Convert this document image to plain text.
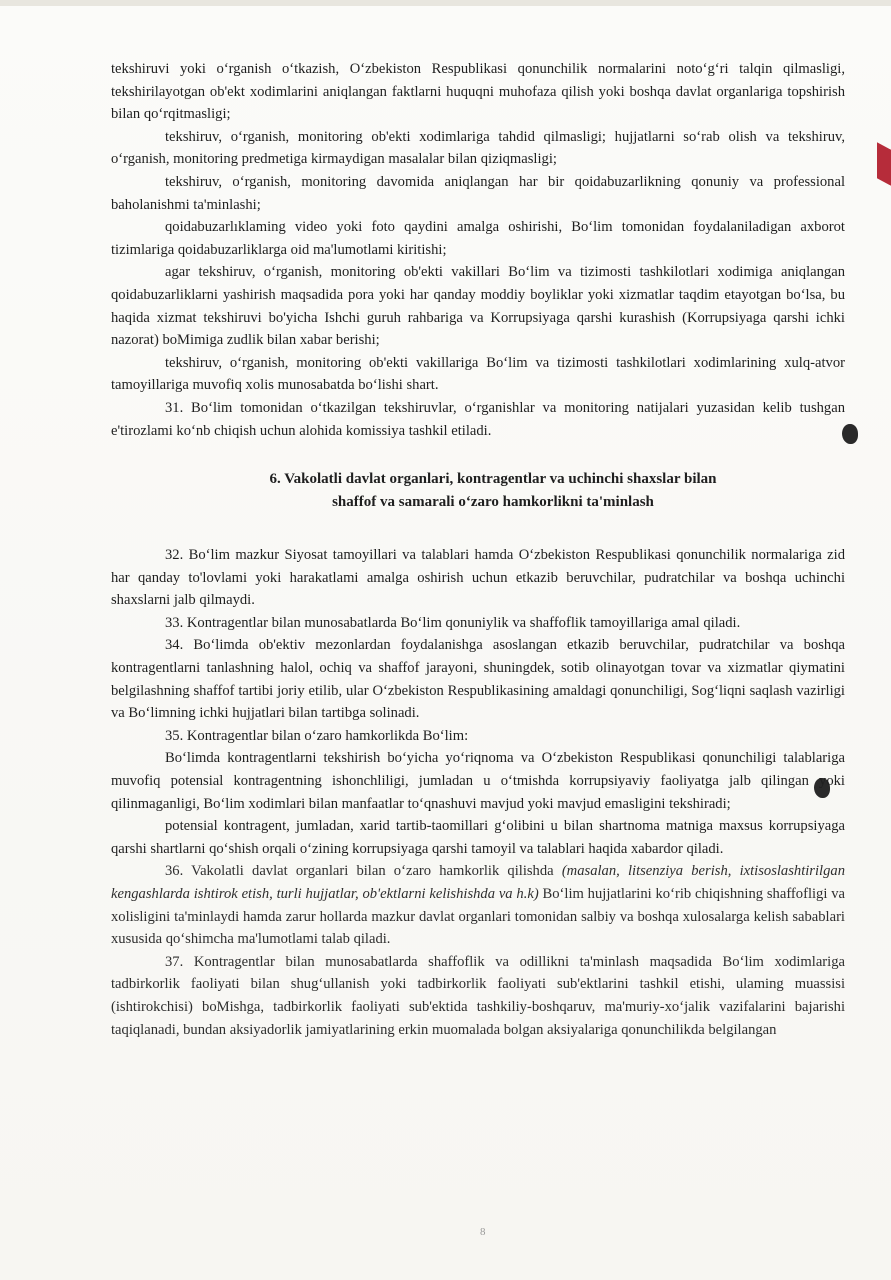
tekshiruvi yoki o‘rganish o‘tkazish, O‘zbekiston Respublikasi qonunchilik normalarini noto‘g‘ri talqin qilmasligi, tekshirilayotgan ob'ekt xodimlarini aniqlangan faktlarni huquqni muhofaza qilish yoki boshqa davlat organlariga topshirish bilan qo‘rqitmasligi;

tekshiruv, o‘rganish, monitoring ob'ekti xodimlariga tahdid qilmasligi; hujjatlarni so‘rab olish va tekshiruv, o‘rganish, monitoring predmetiga kirmaydigan masalalar bilan qiziqmasligi;

tekshiruv, o‘rganish, monitoring davomida aniqlangan har bir qoidabuzarlikning qonuniy va professional baholanishmi ta'minlashi;

qoidabuzarlıklaming video yoki foto qaydini amalga oshirishi, Bo‘lim tomonidan foydalaniladigan axborot tizimlariga qoidabuzarliklarga oid ma'lumotlami kiritishi;

agar tekshiruv, o‘rganish, monitoring ob'ekti vakillari Bo‘lim va tizimosti tashkilotlari xodimiga aniqlangan qoidabuzarliklarni yashirish maqsadida pora yoki har qanday moddiy boyliklar yoki xizmatlar taqdim etayotgan bo‘lsa, bu haqida xizmat tekshiruvi bo'yicha Ishchi guruh rahbariga va Korrupsiyaga qarshi kurashish (Korrupsiyaga qarshi ichki nazorat) boMimiga zudlik bilan xabar berishi;

tekshiruv, o‘rganish, monitoring ob'ekti vakillariga Bo‘lim va tizimosti tashkilotlari xodimlarining xulq-atvor tamoyillariga muvofiq xolis munosabatda bo‘lishi shart.

31. Bo‘lim tomonidan o‘tkazilgan tekshiruvlar, o‘rganishlar va monitoring natijalari yuzasidan kelib tushgan e'tirozlami ko‘nb chiqish uchun alohida komissiya tashkil etiladi.

6. Vakolatli davlat organlari, kontragentlar va uchinchi shaxslar bilan
shaffof va samarali o‘zaro hamkorlikni ta'minlash

32. Bo‘lim mazkur Siyosat tamoyillari va talablari hamda O‘zbekiston Respublikasi qonunchilik normalariga zid har qanday to'lovlami yoki harakatlami amalga oshirish uchun etkazib beruvchilar, pudratchilar va boshqa uchinchi shaxslarni jalb qilmaydi.

33. Kontragentlar bilan munosabatlarda Bo‘lim qonuniylik va shaffoflik tamoyillariga amal qiladi.

34. Bo‘limda ob'ektiv mezonlardan foydalanishga asoslangan etkazib beruvchilar, pudratchilar va boshqa kontragentlarni tanlashning halol, ochiq va shaffof jarayoni, shuningdek, sotib olinayotgan tovar va xizmatlar qiymatini belgilashning shaffof tartibi joriy etilib, ular O‘zbekiston Respublikasining amaldagi qonunchiligi, Sog‘liqni saqlash vazirligi va Bo‘limning ichki hujjatlari bilan tartibga solinadi.

35. Kontragentlar bilan o‘zaro hamkorlikda Bo‘lim:

Bo‘limda kontragentlarni tekshirish bo‘yicha yo‘riqnoma va O‘zbekiston Respublikasi qonunchiligi talablariga muvofiq potensial kontragentning ishonchliligi, jumladan u o‘tmishda korrupsiyaviy faoliyatga jalb qilingan yoki qilinmaganligi, Bo‘lim xodimlari bilan manfaatlar to‘qnashuvi mavjud yoki mavjud emasligini tekshiradi;

potensial kontragent, jumladan, xarid tartib-taomillari g‘olibini u bilan shartnoma matniga maxsus korrupsiyaga qarshi shartlarni qo‘shish orqali o‘zining korrupsiyaga qarshi tamoyil va talablari haqida xabardor qiladi.

36. Vakolatli davlat organlari bilan o‘zaro hamkorlik qilishda (masalan, litsenziya berish, ixtisoslashtirilgan kengashlarda ishtirok etish, turli hujjatlar, ob'ektlarni kelishishda va h.k) Bo‘lim hujjatlarini ko‘rib chiqishning shaffofligi va xolisligini ta'minlaydi hamda zarur hollarda mazkur davlat organlari tomonidan salbiy va boshqa xulosalarga kelish sabablari xususida qo‘shimcha ma'lumotlami talab qiladi.

37. Kontragentlar bilan munosabatlarda shaffoflik va odillikni ta'minlash maqsadida Bo‘lim xodimlariga tadbirkorlik faoliyati bilan shug‘ullanish yoki tadbirkorlik faoliyati sub'ektlarini tashkil etishi, ulaming muassisi (ishtirokchisi) boMishga, tadbirkorlik faoliyati sub'ektida tashkiliy-boshqaruv, ma'muriy-xo‘jalik vazifalarini bajarishi taqiqlanadi, bundan aksiyadorlik jamiyatlarining erkin muomalada bolgan aksiyalariga qonunchilikda belgilangan

8
